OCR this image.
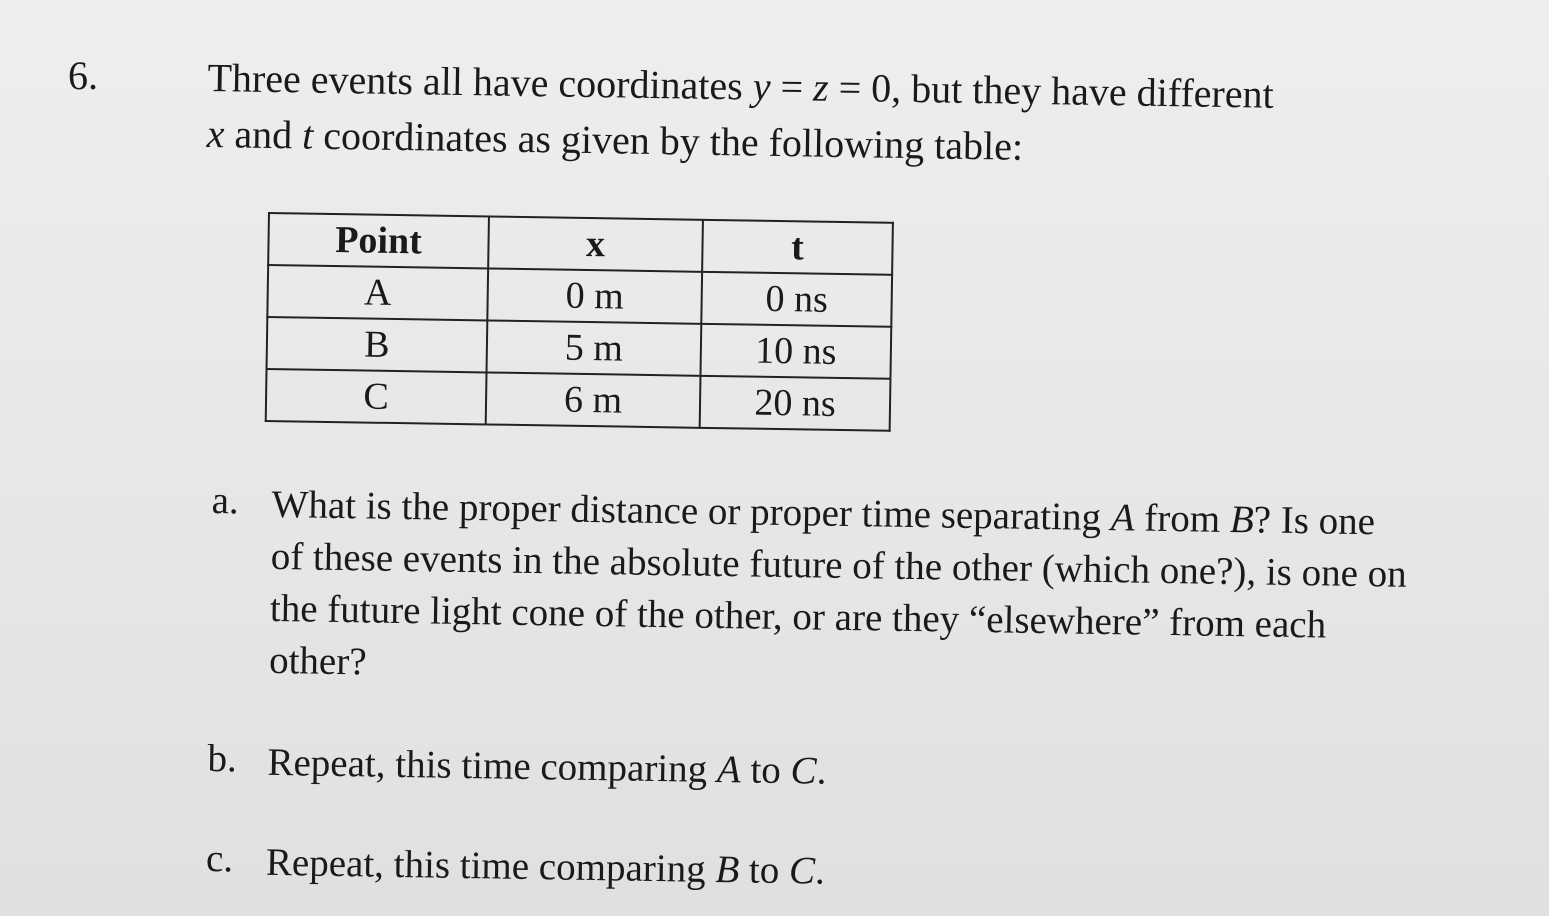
6.	Three events all have coordinates y = z = 0, but they have different
x and t coordinates as given by the following table:
Point	x	t
A	0 m	0 ns
B	5 m	10 ns
C	6 m	20 ns
a. What is the proper distance or proper time separating A from B? Is one of these events in the absolute future of the other (which one?), is one on the future light cone of the other, or are they “elsewhere” from each other?
b. Repeat, this time comparing A to C.
c. Repeat, this time comparing B to C.
